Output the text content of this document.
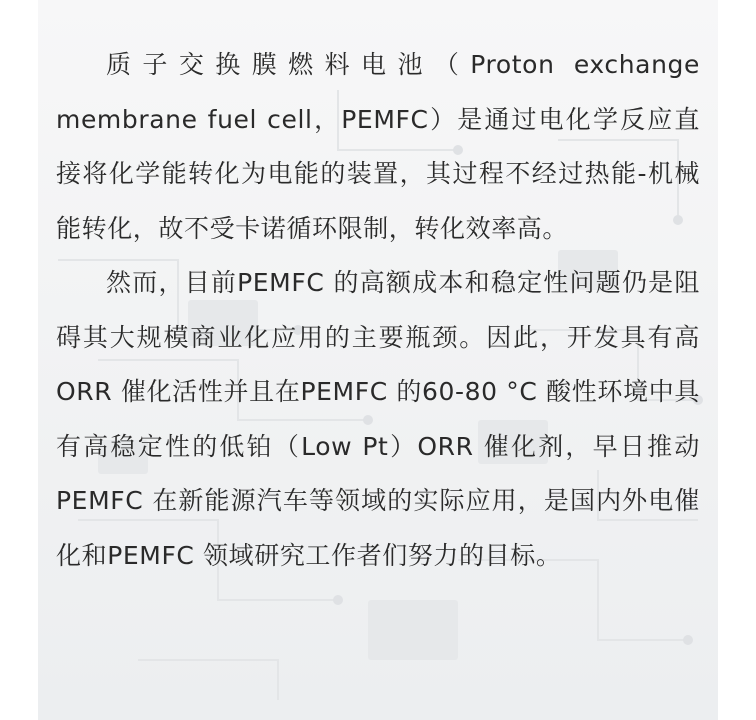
质子交换膜燃料电池（Proton exchange membrane fuel cell，PEMFC）是通过电化学反应直接将化学能转化为电能的装置，其过程不经过热能-机械能转化，故不受卡诺循环限制，转化效率高。

然而，目前PEMFC 的高额成本和稳定性问题仍是阻碍其大规模商业化应用的主要瓶颈。因此，开发具有高ORR 催化活性并且在PEMFC 的60-80 °C 酸性环境中具有高稳定性的低铂（Low Pt）ORR 催化剂，早日推动PEMFC 在新能源汽车等领域的实际应用，是国内外电催化和PEMFC 领域研究工作者们努力的目标。
